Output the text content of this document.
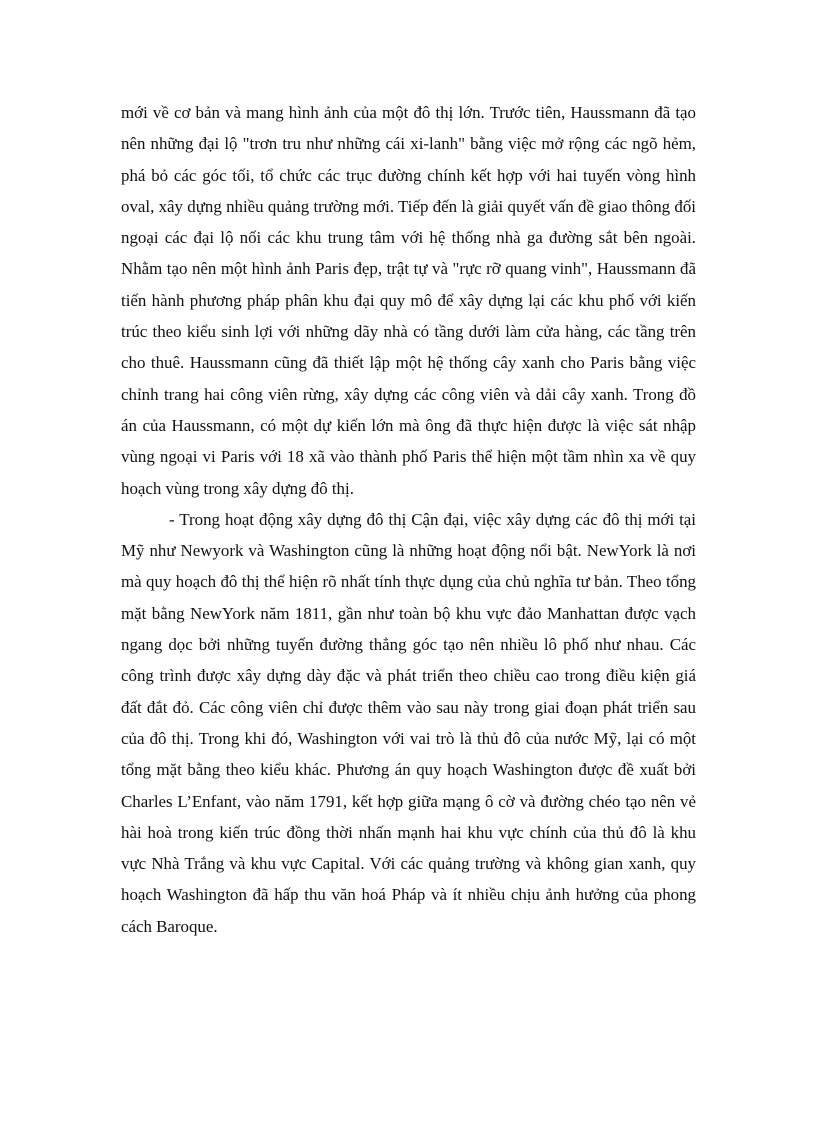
mới về cơ bản và mang hình ảnh của một đô thị lớn. Trước tiên, Haussmann đã tạo nên những đại lộ "trơn tru như những cái xi-lanh" bằng việc mở rộng các ngõ hẻm, phá bỏ các góc tối, tổ chức các trục đường chính kết hợp với hai tuyến vòng hình oval, xây dựng nhiều quảng trường mới. Tiếp đến là giải quyết vấn đề giao thông đối ngoại các đại lộ nối các khu trung tâm với hệ thống nhà ga đường sắt bên ngoài. Nhằm tạo nên một hình ảnh Paris đẹp, trật tự và "rực rỡ quang vinh", Haussmann đã tiến hành phương pháp phân khu đại quy mô để xây dựng lại các khu phố với kiến trúc theo kiểu sinh lợi với những dãy nhà có tầng dưới làm cửa hàng, các tầng trên cho thuê. Haussmann cũng đã thiết lập một hệ thống cây xanh cho Paris bằng việc chỉnh trang hai công viên rừng, xây dựng các công viên và dải cây xanh. Trong đồ án của Haussmann, có một dự kiến lớn mà ông đã thực hiện được là việc sát nhập vùng ngoại vi Paris với 18 xã vào thành phố Paris thể hiện một tầm nhìn xa về quy hoạch vùng trong xây dựng đô thị.

- Trong hoạt động xây dựng đô thị Cận đại, việc xây dựng các đô thị mới tại Mỹ như Newyork và Washington cũng là những hoạt động nổi bật. NewYork là nơi mà quy hoạch đô thị thể hiện rõ nhất tính thực dụng của chủ nghĩa tư bản. Theo tổng mặt bằng NewYork năm 1811, gần như toàn bộ khu vực đảo Manhattan được vạch ngang dọc bởi những tuyến đường thẳng góc tạo nên nhiều lô phố như nhau. Các công trình được xây dựng dày đặc và phát triển theo chiều cao trong điều kiện giá đất đắt đỏ. Các công viên chỉ được thêm vào sau này trong giai đoạn phát triển sau của đô thị. Trong khi đó, Washington với vai trò là thủ đô của nước Mỹ, lại có một tổng mặt bằng theo kiểu khác. Phương án quy hoạch Washington được đề xuất bởi Charles L’Enfant, vào năm 1791, kết hợp giữa mạng ô cờ và đường chéo tạo nên vẻ hài hoà trong kiến trúc đồng thời nhấn mạnh hai khu vực chính của thủ đô là khu vực Nhà Trắng và khu vực Capital. Với các quảng trường và không gian xanh, quy hoạch Washington đã hấp thu văn hoá Pháp và ít nhiều chịu ảnh hưởng của phong cách Baroque.
